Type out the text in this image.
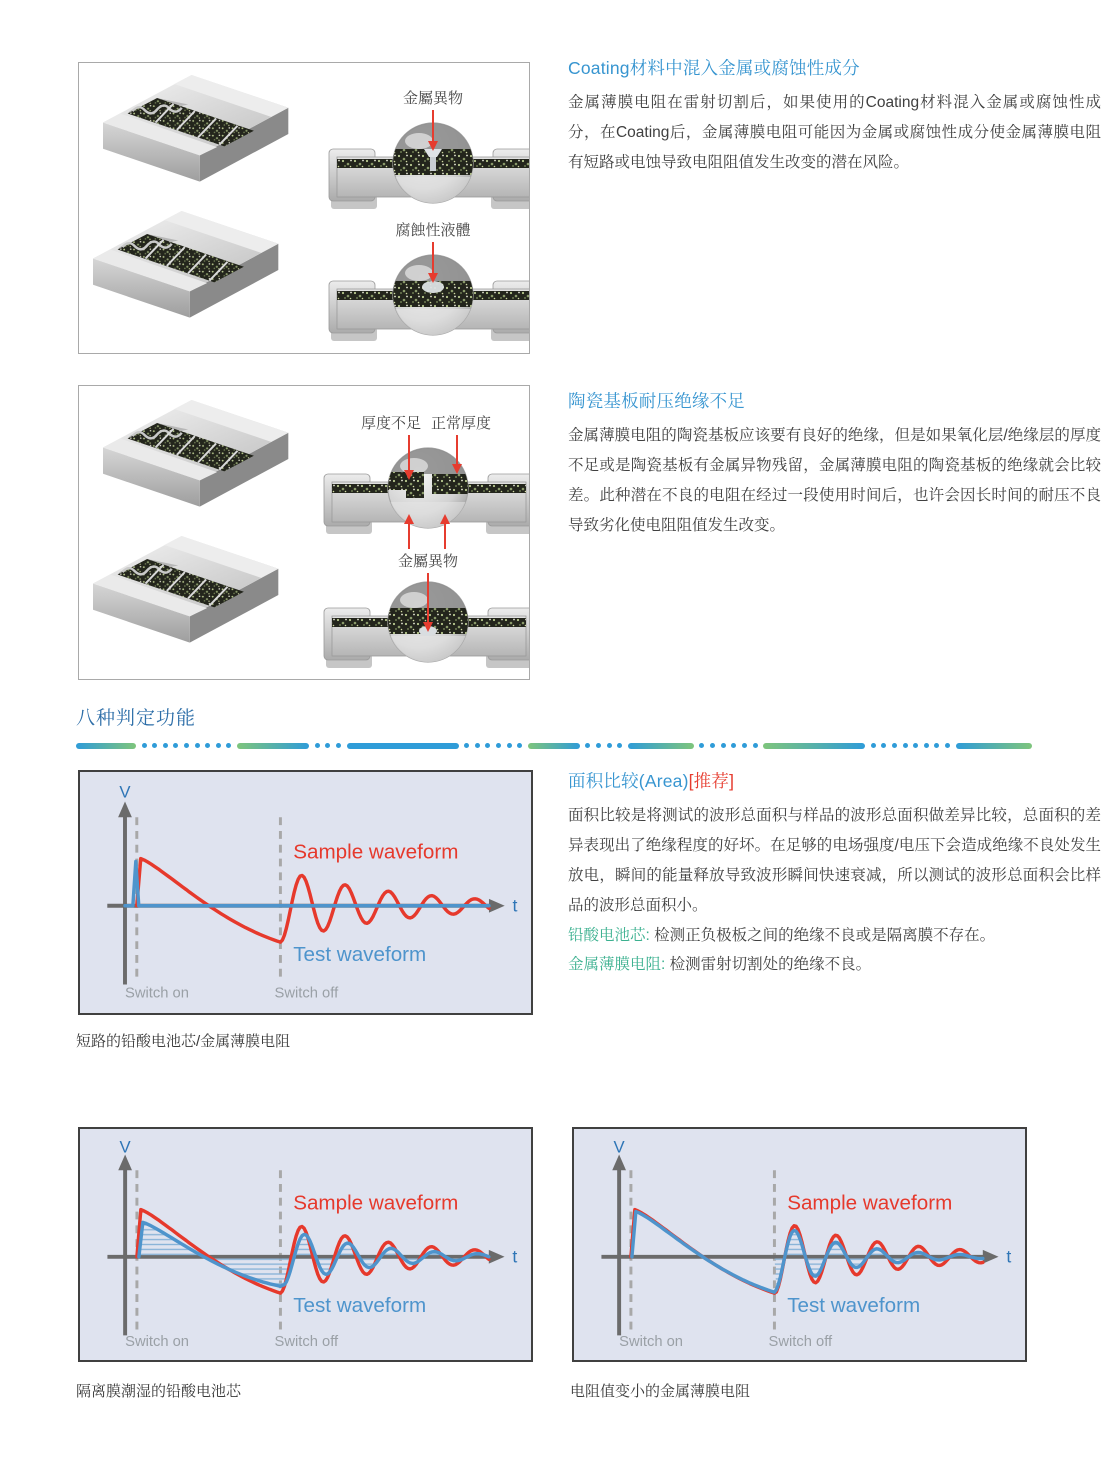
金屬異物
腐蝕性液體
Coating材料中混入金属或腐蚀性成分

金属薄膜电阻在雷射切割后，如果使用的Coating材料混入金属或腐蚀性成分，在Coating后，金属薄膜电阻可能因为金属或腐蚀性成分使金属薄膜电阻有短路或电蚀导致电阻阻值发生改变的潜在风险。

厚度不足 正常厚度
金屬異物
陶瓷基板耐压绝缘不足

金属薄膜电阻的陶瓷基板应该要有良好的绝缘，但是如果氧化层/绝缘层的厚度不足或是陶瓷基板有金属异物残留，金属薄膜电阻的陶瓷基板的绝缘就会比较差。此种潜在不良的电阻在经过一段使用时间后，也许会因长时间的耐压不良导致劣化使电阻阻值发生改变。

八种判定功能
Sample waveform
Test waveform
V
t
Switch on	Switch off
短路的铅酸电池芯/金属薄膜电阻
面积比较(Area)[推荐]

面积比较是将测试的波形总面积与样品的波形总面积做差异比较，总面积的差异表现出了绝缘程度的好坏。在足够的电场强度/电压下会造成绝缘不良处发生放电，瞬间的能量释放导致波形瞬间快速衰减，所以测试的波形总面积会比样品的波形总面积小。

铅酸电池芯: 检测正负极板之间的绝缘不良或是隔离膜不存在。
金属薄膜电阻: 检测雷射切割处的绝缘不良。
Sample waveform
Test waveform
V
t
Switch on	Switch off
隔离膜潮湿的铅酸电池芯
Sample waveform
Test waveform
V
t
Switch on	Switch off
电阻值变小的金属薄膜电阻
